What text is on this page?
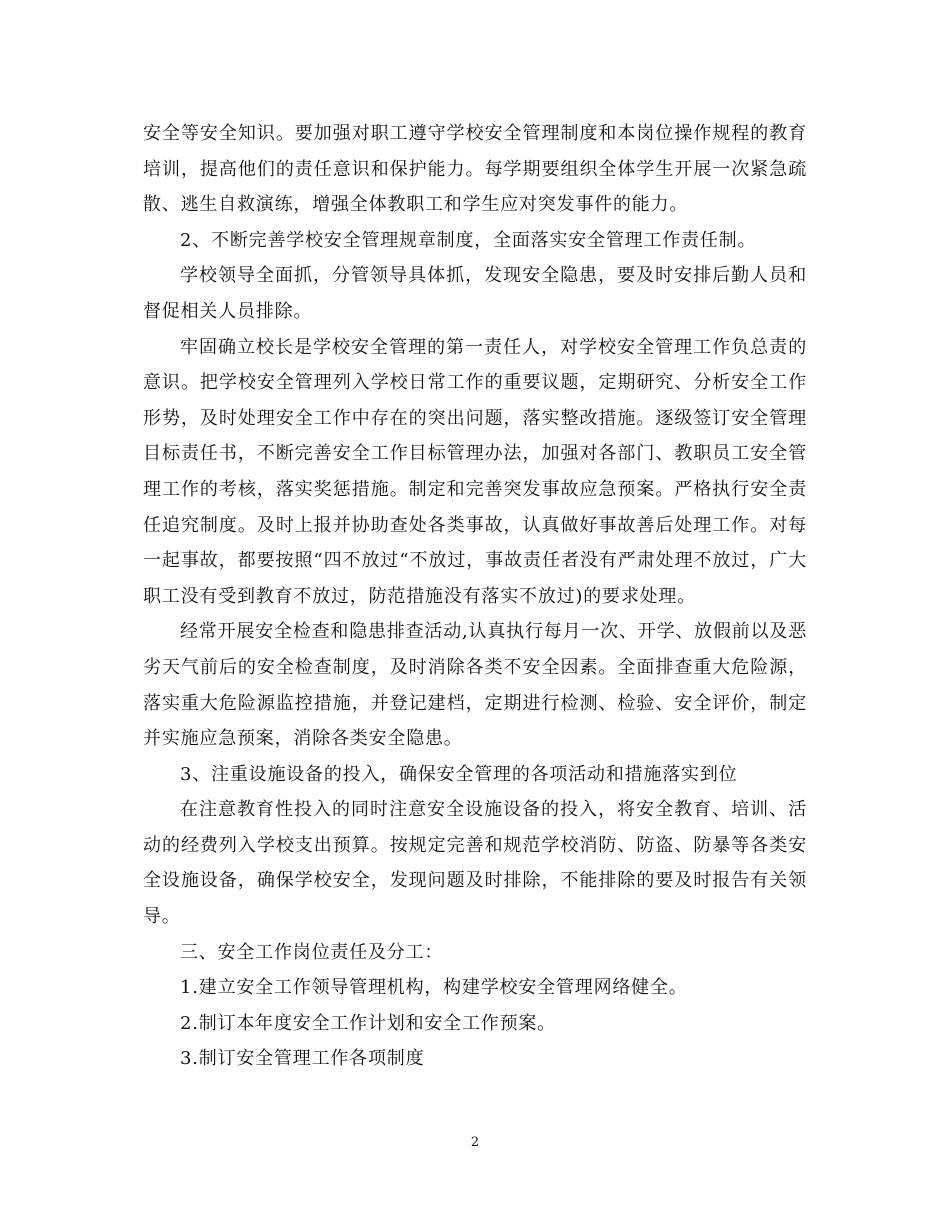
安全等安全知识。要加强对职工遵守学校安全管理制度和本岗位操作规程的教育培训，提高他们的责任意识和保护能力。每学期要组织全体学生开展一次紧急疏散、逃生自救演练，增强全体教职工和学生应对突发事件的能力。

2、不断完善学校安全管理规章制度，全面落实安全管理工作责任制。

学校领导全面抓，分管领导具体抓，发现安全隐患，要及时安排后勤人员和督促相关人员排除。

牢固确立校长是学校安全管理的第一责任人，对学校安全管理工作负总责的意识。把学校安全管理列入学校日常工作的重要议题，定期研究、分析安全工作形势，及时处理安全工作中存在的突出问题，落实整改措施。逐级签订安全管理目标责任书，不断完善安全工作目标管理办法，加强对各部门、教职员工安全管理工作的考核，落实奖惩措施。制定和完善突发事故应急预案。严格执行安全责任追究制度。及时上报并协助查处各类事故，认真做好事故善后处理工作。对每一起事故，都要按照“四不放过“不放过，事故责任者没有严肃处理不放过，广大职工没有受到教育不放过，防范措施没有落实不放过)的要求处理。

经常开展安全检查和隐患排查活动,认真执行每月一次、开学、放假前以及恶劣天气前后的安全检查制度，及时消除各类不安全因素。全面排查重大危险源，落实重大危险源监控措施，并登记建档，定期进行检测、检验、安全评价，制定并实施应急预案，消除各类安全隐患。

3、注重设施设备的投入，确保安全管理的各项活动和措施落实到位

在注意教育性投入的同时注意安全设施设备的投入，将安全教育、培训、活动的经费列入学校支出预算。按规定完善和规范学校消防、防盗、防暴等各类安全设施设备，确保学校安全，发现问题及时排除，不能排除的要及时报告有关领导。

三、安全工作岗位责任及分工：

1.建立安全工作领导管理机构，构建学校安全管理网络健全。

2.制订本年度安全工作计划和安全工作预案。

3.制订安全管理工作各项制度

2
